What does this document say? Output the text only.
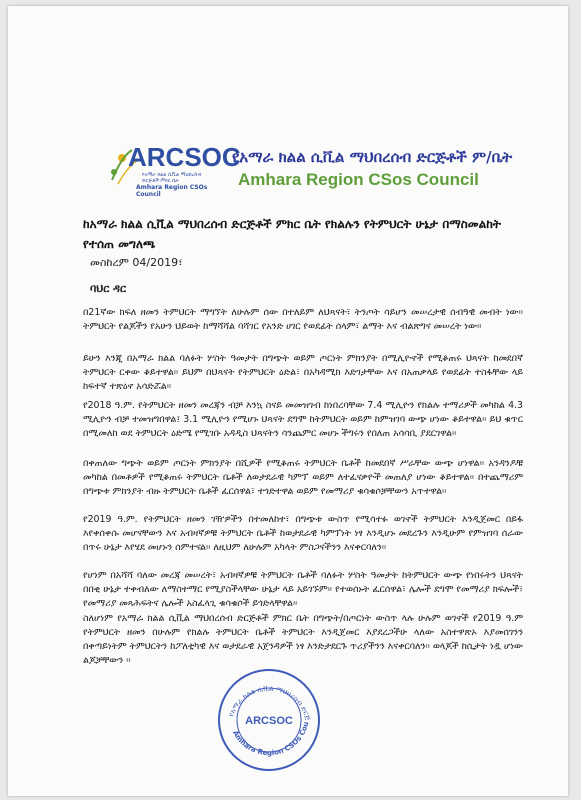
ARCSOC
የአማራ ክልል ሲቪል ማህበረሰብ ድርጅቶች ምክር ቤት
Amhara Region CSOs Council
የአማራ ክልል ሲቪል ማህበረሰብ ድርጅቶች ም/ቤት
Amhara Region CSos Council
ከአማራ ክልል ሲቪል ማህበረሰብ ድርጅቶች ምክር ቤት የክልሉን የትምህርት ሁኔታ በማስመልከት የተሰጠ መግለጫ
መስከረም 04/2019፣
ባህር ዳር
በ21ኛው ክፍለ ዘመን ትምህርት ማግኘት ለሁሉም ሰው በተለይም ለህጻናት፣ ትንጦት ሳይሆን መሠረታዊ ሰብዓዊ መብት ነው፡፡ ትምህርት የልጆችን የአሁን ህይወት ከማሻሻል ባሻገር የአንድ ሀገር የወደፊት ሰላም፣ ልማት እና ብልጽግና መሠረት ነው፡፡
ይሁን እንጂ በአማራ ክልል ባለፉት ሦስት ዓመታት በግጭት ወይም ጦርነት ምክንያት በሚሊዮኖች የሚቆጠሩ ህጻናት ከመደበኛ ትምህርት ርቀው ቆይተዋል፡፡ ይህም በህጻናት የትምህርት ዕድል፣ በአካዳሚክ እድገታቸው እና በአጠቃላይ የወደፊት ተስፋቸው ላይ ከፍተኛ ተጽዕኖ አሳድሯል፡፡
የ2018 ዓ.ም. የትምህርት ዘመን መረጃን ብቻ እንኳ ስናይ መመዝገብ ከነበረባቸው 7.4 ሚሊዮን የክልሉ ተማሪዎች መካከል 4.3 ሚሊዮን ብቻ ተመዝግበዋል፤ 3.1 ሚሊዮን የሚሆኑ ህጻናት ደግሞ ከትምህርት ወይም ከምዝገባ ውጭ ሆነው ቆይተዋል፡፡ ይህ ቁጥር በሚመለከ ወደ ትምህርት ዕድሜ የሚገቡ አዳዲስ ህጻናትን ሳንጨምር መሆኑ ችግሩን የበለጠ አሳሳቢ ያደርገዋል፡፡
በቀጠለው ግጭት ወይም ጦርነት ምክንያት በሺዎች የሚቆጠሩ ትምህርት ቤቶች ከመደበኛ ሥራቸው ውጭ ሆነዋል፡፡ አንዳንዶቹ መካከል በመቶዎች የሚቆጠሩ ትምህርት ቤቶች ለወታደራዊ ካምፕ ወይም ለተፈናቃዮች መጠለያ ሆነው ቆይተዋል፡፡ በተጨማሪም በግጭቱ ምክንያት ብዙ ትምህርት ቤቶች ፈርሰዋል፣ ተጎድተዋል ወይም የመማሪያ ቁሳቁሶቻቸውን አጥተዋል፡፡
የ2019 ዓ.ም. የትምህርት ዘመን ገዥዎችን በተመለከተ፣ በግጭቱ ውስጥ የሚሳተፉ ወገኖች ትምህርት እንዲጀመር በይፋ እየቀሰቀሱ መሆናቸውን እና አብዛኛዎቹ ትምህርት ቤቶች ከወታደራዊ ካምፕነት ነፃ እንዲሆኑ መደረጉን እንዲሁም የምዝገባ ሰራው በጥሩ ሁኔታ እየሄደ መሆኑን ሰምተናል፡፡ ለዚህም ለሁሉም አካላት ምስጋናችንን እናቀርባለን፡፡
የሆነም በአሻሻ ባለው መረጃ መሠረት፣ አብዛኛዎቹ ትምህርት ቤቶች ባለፉት ሦስት ዓመታት ከትምህርት ውጭ የነበሩትን ህጻናት በበቂ ሁኔታ ተቀብለው ለማስተማር የሚያስችላቸው ሁኔታ ላይ አይገኙም፡፡ የተወሰኑት ፈርሰዋል፣ ሌሎች ደግሞ የመማሪያ ክፍሎች፣ የመማሪያ መጻሕፍትና ሌሎች አስፈላጊ ቁሳቁሶች ይጎድላቸዋል፡፡
ስለሆነም የአማራ ክልል ሲቪል ማህበረሰብ ድርጅቶች ምክር ቤት በግጭት/በጦርነት ውስጥ ላሉ ሁሉም ወገኖች የ2019 ዓ.ም የትምህርት ዘመን በሁሉም የክልሉ ትምህርት ቤቶች ትምህርት እንዲጀመር እያደረጋችሁ ላለው አስተዋጽኦ እያመሰገንን በቀጣይነትም ትምህርትን ከፖለቲካዊ እና ወታደራዊ አጀንዳዎች ነፃ እንድታደርጉ ጥሪያችንን እናቀርባለን፡፡ ወላጆች ከሲታት ነዷ ሆነው ልጆቻቸውን ፡፡
የአማራ ክልል ሲቪል ማህበረሰብ ድርጅ
Amhara Region CSOs Cou
ARCSOC
